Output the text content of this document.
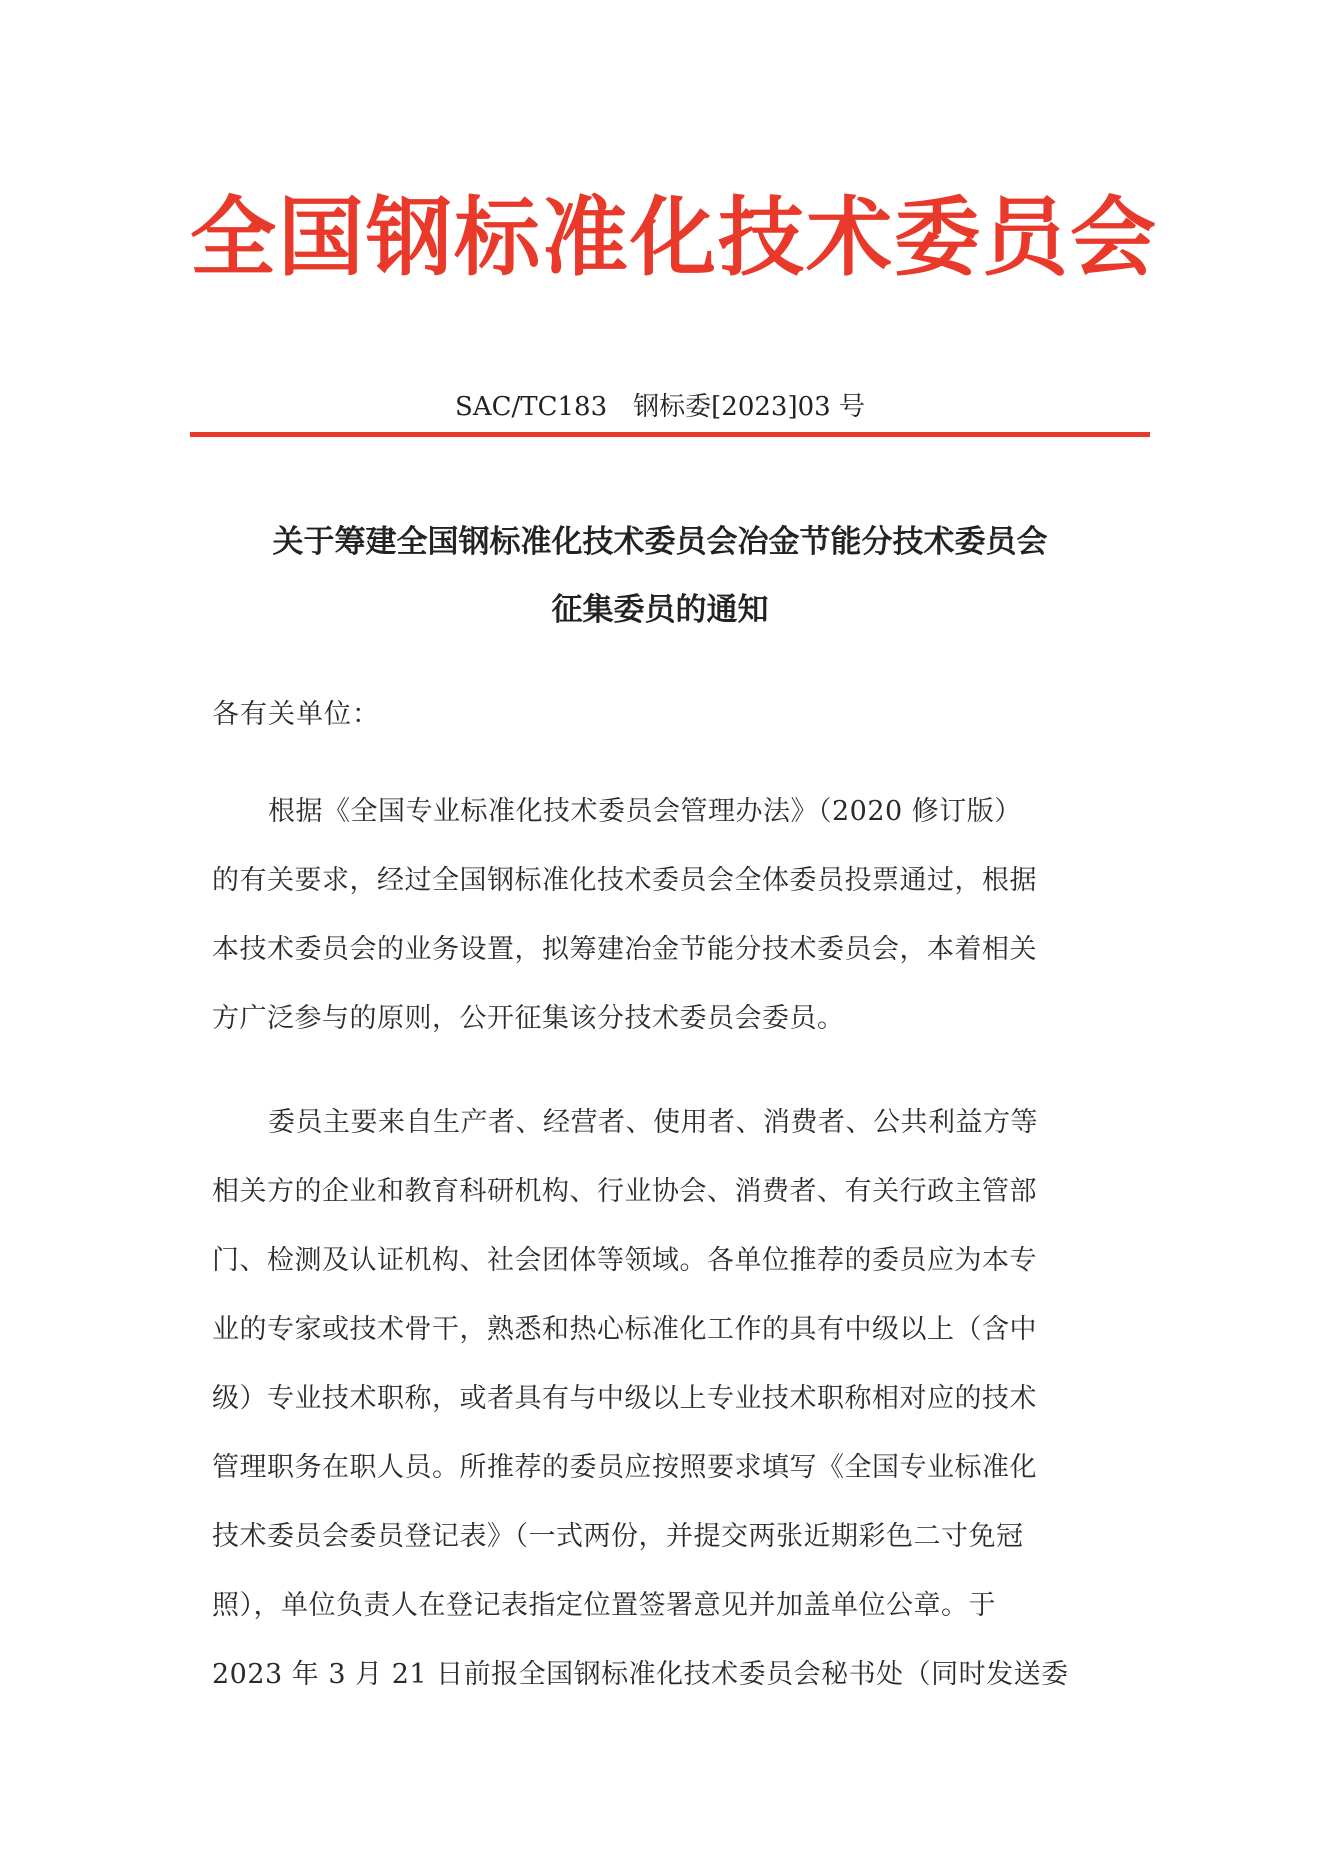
全国钢标准化技术委员会
SAC/TC183　钢标委[2023]03 号
关于筹建全国钢标准化技术委员会冶金节能分技术委员会
征集委员的通知
各有关单位：
根据《全国专业标准化技术委员会管理办法》（2020 修订版）
的有关要求，经过全国钢标准化技术委员会全体委员投票通过，根据
本技术委员会的业务设置，拟筹建冶金节能分技术委员会，本着相关
方广泛参与的原则，公开征集该分技术委员会委员。
委员主要来自生产者、经营者、使用者、消费者、公共利益方等
相关方的企业和教育科研机构、行业协会、消费者、有关行政主管部
门、检测及认证机构、社会团体等领域。各单位推荐的委员应为本专
业的专家或技术骨干，熟悉和热心标准化工作的具有中级以上（含中
级）专业技术职称，或者具有与中级以上专业技术职称相对应的技术
管理职务在职人员。所推荐的委员应按照要求填写《全国专业标准化
技术委员会委员登记表》（一式两份，并提交两张近期彩色二寸免冠
照），单位负责人在登记表指定位置签署意见并加盖单位公章。于
2023 年 3 月 21 日前报全国钢标准化技术委员会秘书处（同时发送委
